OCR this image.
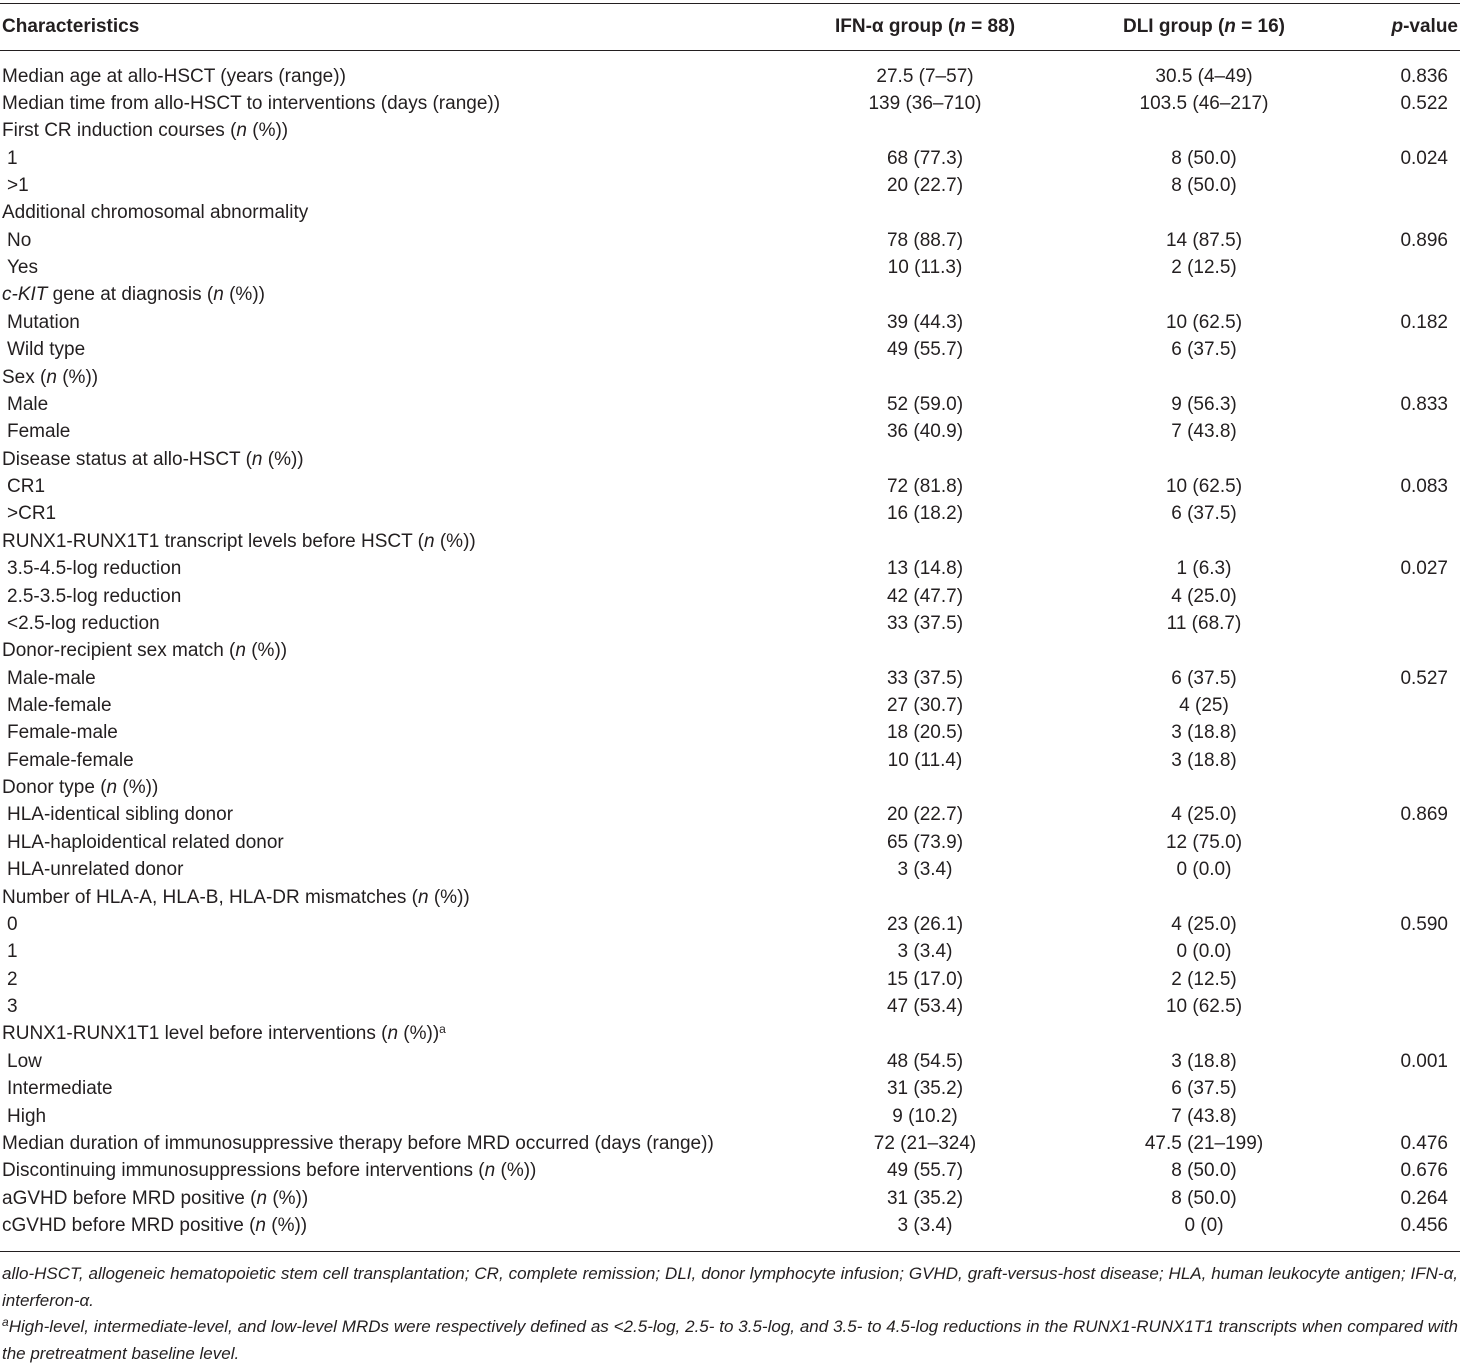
Characteristics	IFN-α group (n = 88)	DLI group (n = 16)	p-value
Median age at allo-HSCT (years (range))	27.5 (7–57)	30.5 (4–49)	0.836
Median time from allo-HSCT to interventions (days (range))	139 (36–710)	103.5 (46–217)	0.522
First CR induction courses (n (%))
1	68 (77.3)	8 (50.0)	0.024
>1	20 (22.7)	8 (50.0)
Additional chromosomal abnormality
No	78 (88.7)	14 (87.5)	0.896
Yes	10 (11.3)	2 (12.5)
c-KIT gene at diagnosis (n (%))
Mutation	39 (44.3)	10 (62.5)	0.182
Wild type	49 (55.7)	6 (37.5)
Sex (n (%))
Male	52 (59.0)	9 (56.3)	0.833
Female	36 (40.9)	7 (43.8)
Disease status at allo-HSCT (n (%))
CR1	72 (81.8)	10 (62.5)	0.083
>CR1	16 (18.2)	6 (37.5)
RUNX1-RUNX1T1 transcript levels before HSCT (n (%))
3.5-4.5-log reduction	13 (14.8)	1 (6.3)	0.027
2.5-3.5-log reduction	42 (47.7)	4 (25.0)
<2.5-log reduction	33 (37.5)	11 (68.7)
Donor-recipient sex match (n (%))
Male-male	33 (37.5)	6 (37.5)	0.527
Male-female	27 (30.7)	4 (25)
Female-male	18 (20.5)	3 (18.8)
Female-female	10 (11.4)	3 (18.8)
Donor type (n (%))
HLA-identical sibling donor	20 (22.7)	4 (25.0)	0.869
HLA-haploidentical related donor	65 (73.9)	12 (75.0)
HLA-unrelated donor	3 (3.4)	0 (0.0)
Number of HLA-A, HLA-B, HLA-DR mismatches (n (%))
0	23 (26.1)	4 (25.0)	0.590
1	3 (3.4)	0 (0.0)
2	15 (17.0)	2 (12.5)
3	47 (53.4)	10 (62.5)
RUNX1-RUNX1T1 level before interventions (n (%))$^a$
Low	48 (54.5)	3 (18.8)	0.001
Intermediate	31 (35.2)	6 (37.5)
High	9 (10.2)	7 (43.8)
Median duration of immunosuppressive therapy before MRD occurred (days (range))	72 (21–324)	47.5 (21–199)	0.476
Discontinuing immunosuppressions before interventions (n (%))	49 (55.7)	8 (50.0)	0.676
aGVHD before MRD positive (n (%))	31 (35.2)	8 (50.0)	0.264
cGVHD before MRD positive (n (%))	3 (3.4)	0 (0)	0.456
allo-HSCT, allogeneic hematopoietic stem cell transplantation; CR, complete remission; DLI, donor lymphocyte infusion; GVHD, graft-versus-host disease; HLA, human leukocyte antigen; IFN-α, interferon-α.
$^a$High-level, intermediate-level, and low-level MRDs were respectively defined as <2.5-log, 2.5- to 3.5-log, and 3.5- to 4.5-log reductions in the RUNX1-RUNX1T1 transcripts when compared with the pretreatment baseline level.
